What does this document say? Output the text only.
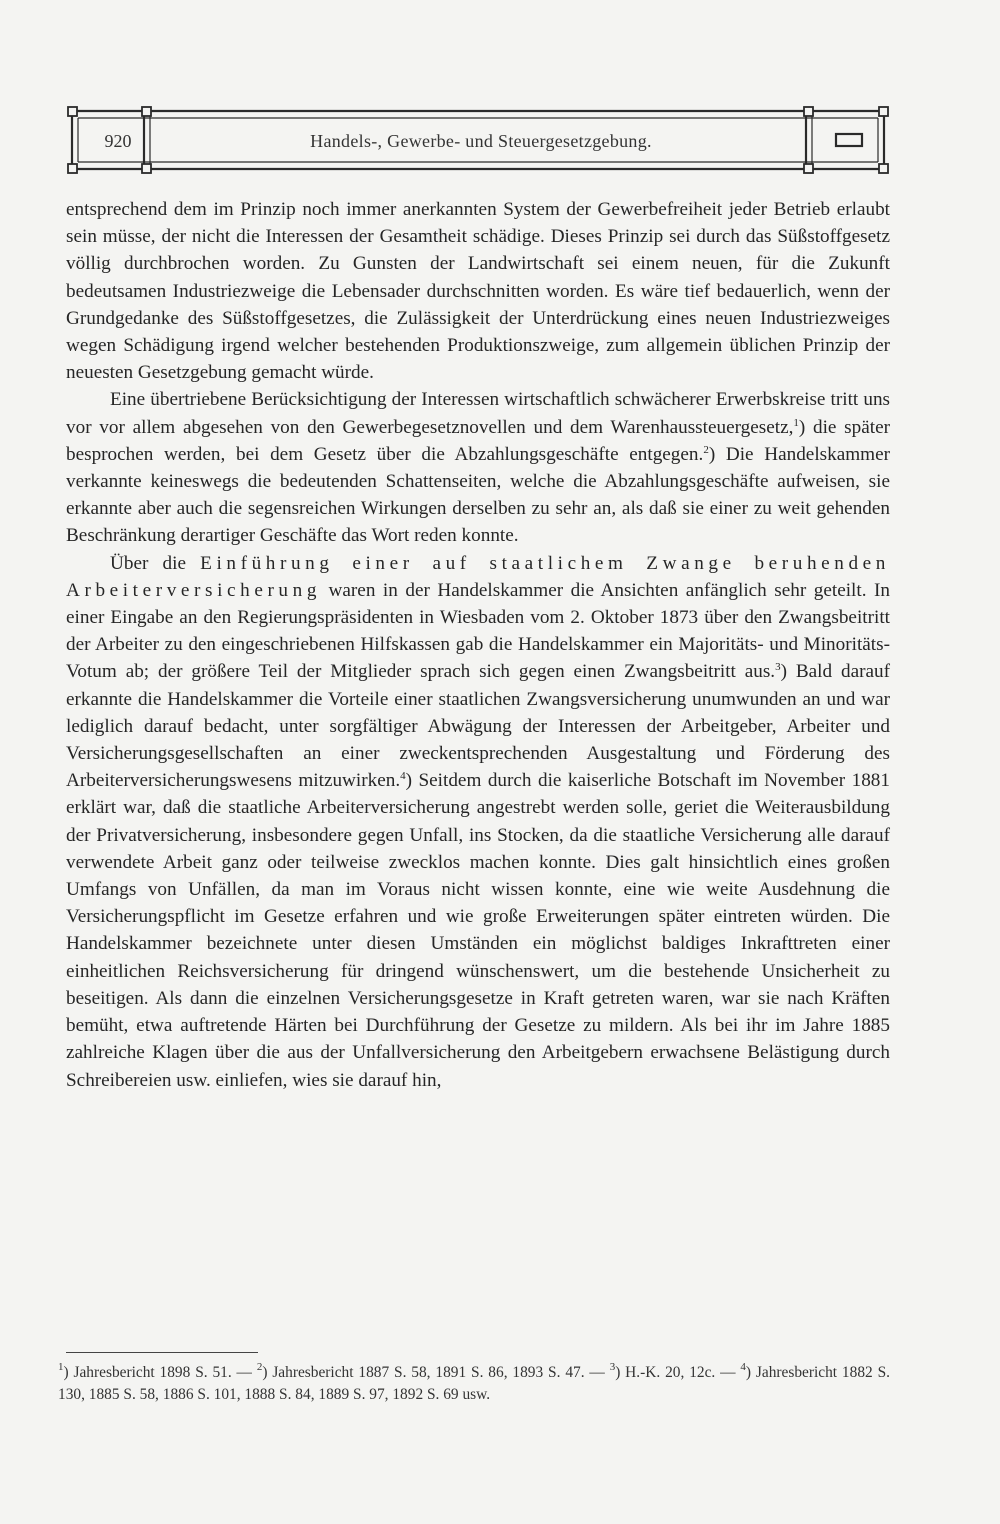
920	Handels-, Gewerbe- und Steuergesetzgebung.

entsprechend dem im Prinzip noch immer anerkannten System der Gewerbefreiheit jeder Betrieb erlaubt sein müsse, der nicht die Interessen der Gesamtheit schädige. Dieses Prinzip sei durch das Süßstoffgesetz völlig durchbrochen worden. Zu Gunsten der Landwirtschaft sei einem neuen, für die Zukunft bedeutsamen Industriezweige die Lebensader durchschnitten worden. Es wäre tief bedauerlich, wenn der Grundgedanke des Süßstoffgesetzes, die Zulässigkeit der Unterdrückung eines neuen Industriezweiges wegen Schädigung irgend welcher bestehenden Produktionszweige, zum allgemein üblichen Prinzip der neuesten Gesetzgebung gemacht würde.

Eine übertriebene Berücksichtigung der Interessen wirtschaftlich schwächerer Erwerbskreise tritt uns vor vor allem abgesehen von den Gewerbegesetznovellen und dem Warenhaussteuergesetz,$^1$) die später besprochen werden, bei dem Gesetz über die Abzahlungsgeschäfte entgegen.$^2$) Die Handelskammer verkannte keineswegs die bedeutenden Schattenseiten, welche die Abzahlungsgeschäfte aufweisen, sie erkannte aber auch die segensreichen Wirkungen derselben zu sehr an, als daß sie einer zu weit gehenden Beschränkung derartiger Geschäfte das Wort reden konnte.

Über die Einführung einer auf staatlichem Zwange beruhenden Arbeiterversicherung waren in der Handelskammer die Ansichten anfänglich sehr geteilt. In einer Eingabe an den Regierungspräsidenten in Wiesbaden vom 2. Oktober 1873 über den Zwangsbeitritt der Arbeiter zu den eingeschriebenen Hilfskassen gab die Handelskammer ein Majoritäts- und Minoritäts-Votum ab; der größere Teil der Mitglieder sprach sich gegen einen Zwangsbeitritt aus.$^3$) Bald darauf erkannte die Handelskammer die Vorteile einer staatlichen Zwangsversicherung unumwunden an und war lediglich darauf bedacht, unter sorgfältiger Abwägung der Interessen der Arbeitgeber, Arbeiter und Versicherungsgesellschaften an einer zweckentsprechenden Ausgestaltung und Förderung des Arbeiterversicherungswesens mitzuwirken.$^4$) Seitdem durch die kaiserliche Botschaft im November 1881 erklärt war, daß die staatliche Arbeiterversicherung angestrebt werden solle, geriet die Weiterausbildung der Privatversicherung, insbesondere gegen Unfall, ins Stocken, da die staatliche Versicherung alle darauf verwendete Arbeit ganz oder teilweise zwecklos machen konnte. Dies galt hinsichtlich eines großen Umfangs von Unfällen, da man im Voraus nicht wissen konnte, eine wie weite Ausdehnung die Versicherungspflicht im Gesetze erfahren und wie große Erweiterungen später eintreten würden. Die Handelskammer bezeichnete unter diesen Umständen ein möglichst baldiges Inkrafttreten einer einheitlichen Reichsversicherung für dringend wünschenswert, um die bestehende Unsicherheit zu beseitigen. Als dann die einzelnen Versicherungsgesetze in Kraft getreten waren, war sie nach Kräften bemüht, etwa auftretende Härten bei Durchführung der Gesetze zu mildern. Als bei ihr im Jahre 1885 zahlreiche Klagen über die aus der Unfallversicherung den Arbeitgebern erwachsene Belästigung durch Schreibereien usw. einliefen, wies sie darauf hin,

$^1$) Jahresbericht 1898 S. 51. — $^2$) Jahresbericht 1887 S. 58, 1891 S. 86, 1893 S. 47. — $^3$) H.-K. 20, 12c. — $^4$) Jahresbericht 1882 S. 130, 1885 S. 58, 1886 S. 101, 1888 S. 84, 1889 S. 97, 1892 S. 69 usw.
